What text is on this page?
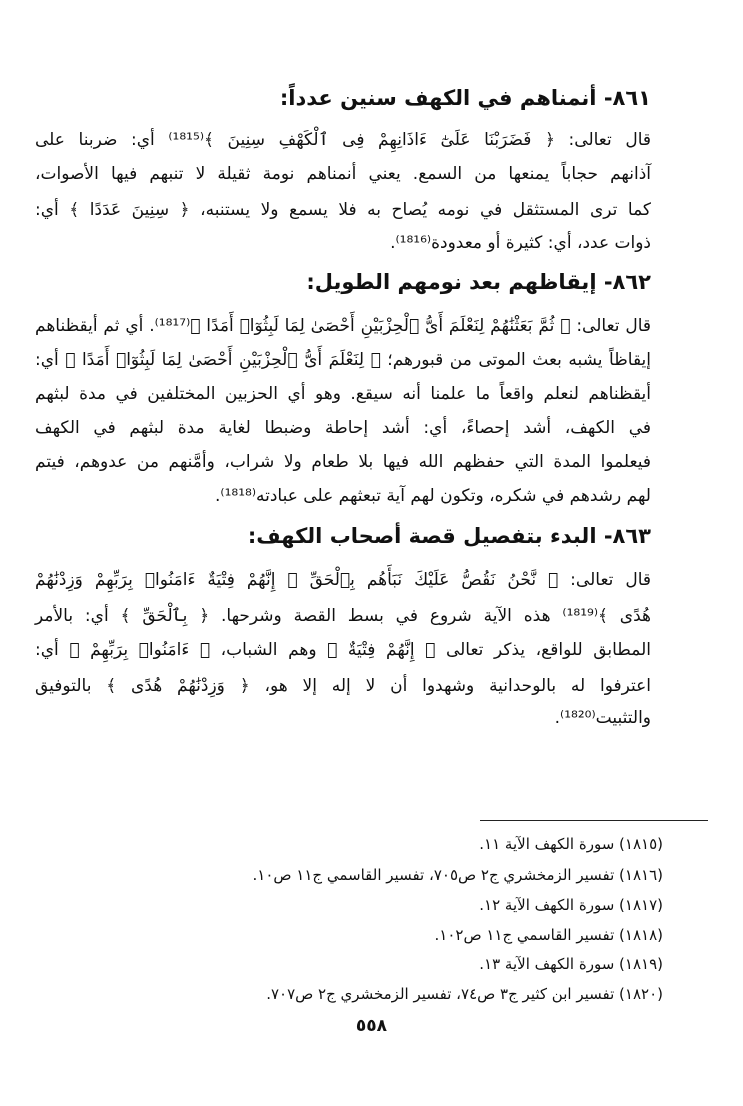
٨٦١- أنمناهم في الكهف سنين عدداً:
قال تعالى: ﴿ فَضَرَبْنَا عَلَىٰٓ ءَاذَانِهِمْ فِى ٱلْكَهْفِ سِنِينَ ﴾⁽¹⁸¹⁵⁾ أي: ضربنا على
آذانهم حجاباً يمنعها من السمع. يعني أنمناهم نومة ثقيلة لا تنبهم فيها الأصوات،
كما ترى المستثقل في نومه يُصاح به فلا يسمع ولا يستنبه، ﴿ سِنِينَ عَدَدًا ﴾ أي:
ذوات عدد، أي: كثيرة أو معدودة⁽¹⁸¹⁶⁾.
٨٦٢- إيقاظهم بعد نومهم الطويل:
قال تعالى: ﴿ ثُمَّ بَعَثْنَٰهُمْ لِنَعْلَمَ أَىُّ ٱلْحِزْبَيْنِ أَحْصَىٰ لِمَا لَبِثُوٓا۟ أَمَدًا ﴾⁽¹⁸¹⁷⁾. أي ثم أيقظناهم
إيقاظاً يشبه بعث الموتى من قبورهم؛ ﴿ لِنَعْلَمَ أَىُّ ٱلْحِزْبَيْنِ أَحْصَىٰ لِمَا لَبِثُوٓا۟ أَمَدًا ﴾ أي:
أيقظناهم لنعلم واقعاً ما علمنا أنه سيقع. وهو أي الحزبين المختلفين في مدة لبثهم
في الكهف، أشد إحصاءً، أي: أشد إحاطة وضبطا لغاية مدة لبثهم في الكهف
فيعلموا المدة التي حفظهم الله فيها بلا طعام ولا شراب، وأمَّنهم من عدوهم، فيتم
لهم رشدهم في شكره، وتكون لهم آية تبعثهم على عبادته⁽¹⁸¹⁸⁾.
٨٦٣- البدء بتفصيل قصة أصحاب الكهف:
قال تعالى: ﴿ نَّحْنُ نَقُصُّ عَلَيْكَ نَبَأَهُم بِٱلْحَقِّ ۚ إِنَّهُمْ فِتْيَةٌ ءَامَنُوا۟ بِرَبِّهِمْ وَزِدْنَٰهُمْ
هُدًى ﴾⁽¹⁸¹⁹⁾ هذه الآية شروع في بسط القصة وشرحها. ﴿ بِٱلْحَقِّ ﴾ أي: بالأمر
المطابق للواقع، يذكر تعالى ﴿ إِنَّهُمْ فِتْيَةٌ ﴾ وهم الشباب، ﴿ ءَامَنُوا۟ بِرَبِّهِمْ ﴾ أي:
اعترفوا له بالوحدانية وشهدوا أن لا إله إلا هو، ﴿ وَزِدْنَٰهُمْ هُدًى ﴾ بالتوفيق
والتثبيت⁽¹⁸²⁰⁾.
(١٨١٥) سورة الكهف الآية ١١.
(١٨١٦) تفسير الزمخشري ج٢ ص٧٠٥، تفسير القاسمي ج١١ ص١٠.
(١٨١٧) سورة الكهف الآية ١٢.
(١٨١٨) تفسير القاسمي ج١١ ص١٠٢.
(١٨١٩) سورة الكهف الآية ١٣.
(١٨٢٠) تفسير ابن كثير ج٣ ص٧٤، تفسير الزمخشري ج٢ ص٧٠٧.
٥٥٨
